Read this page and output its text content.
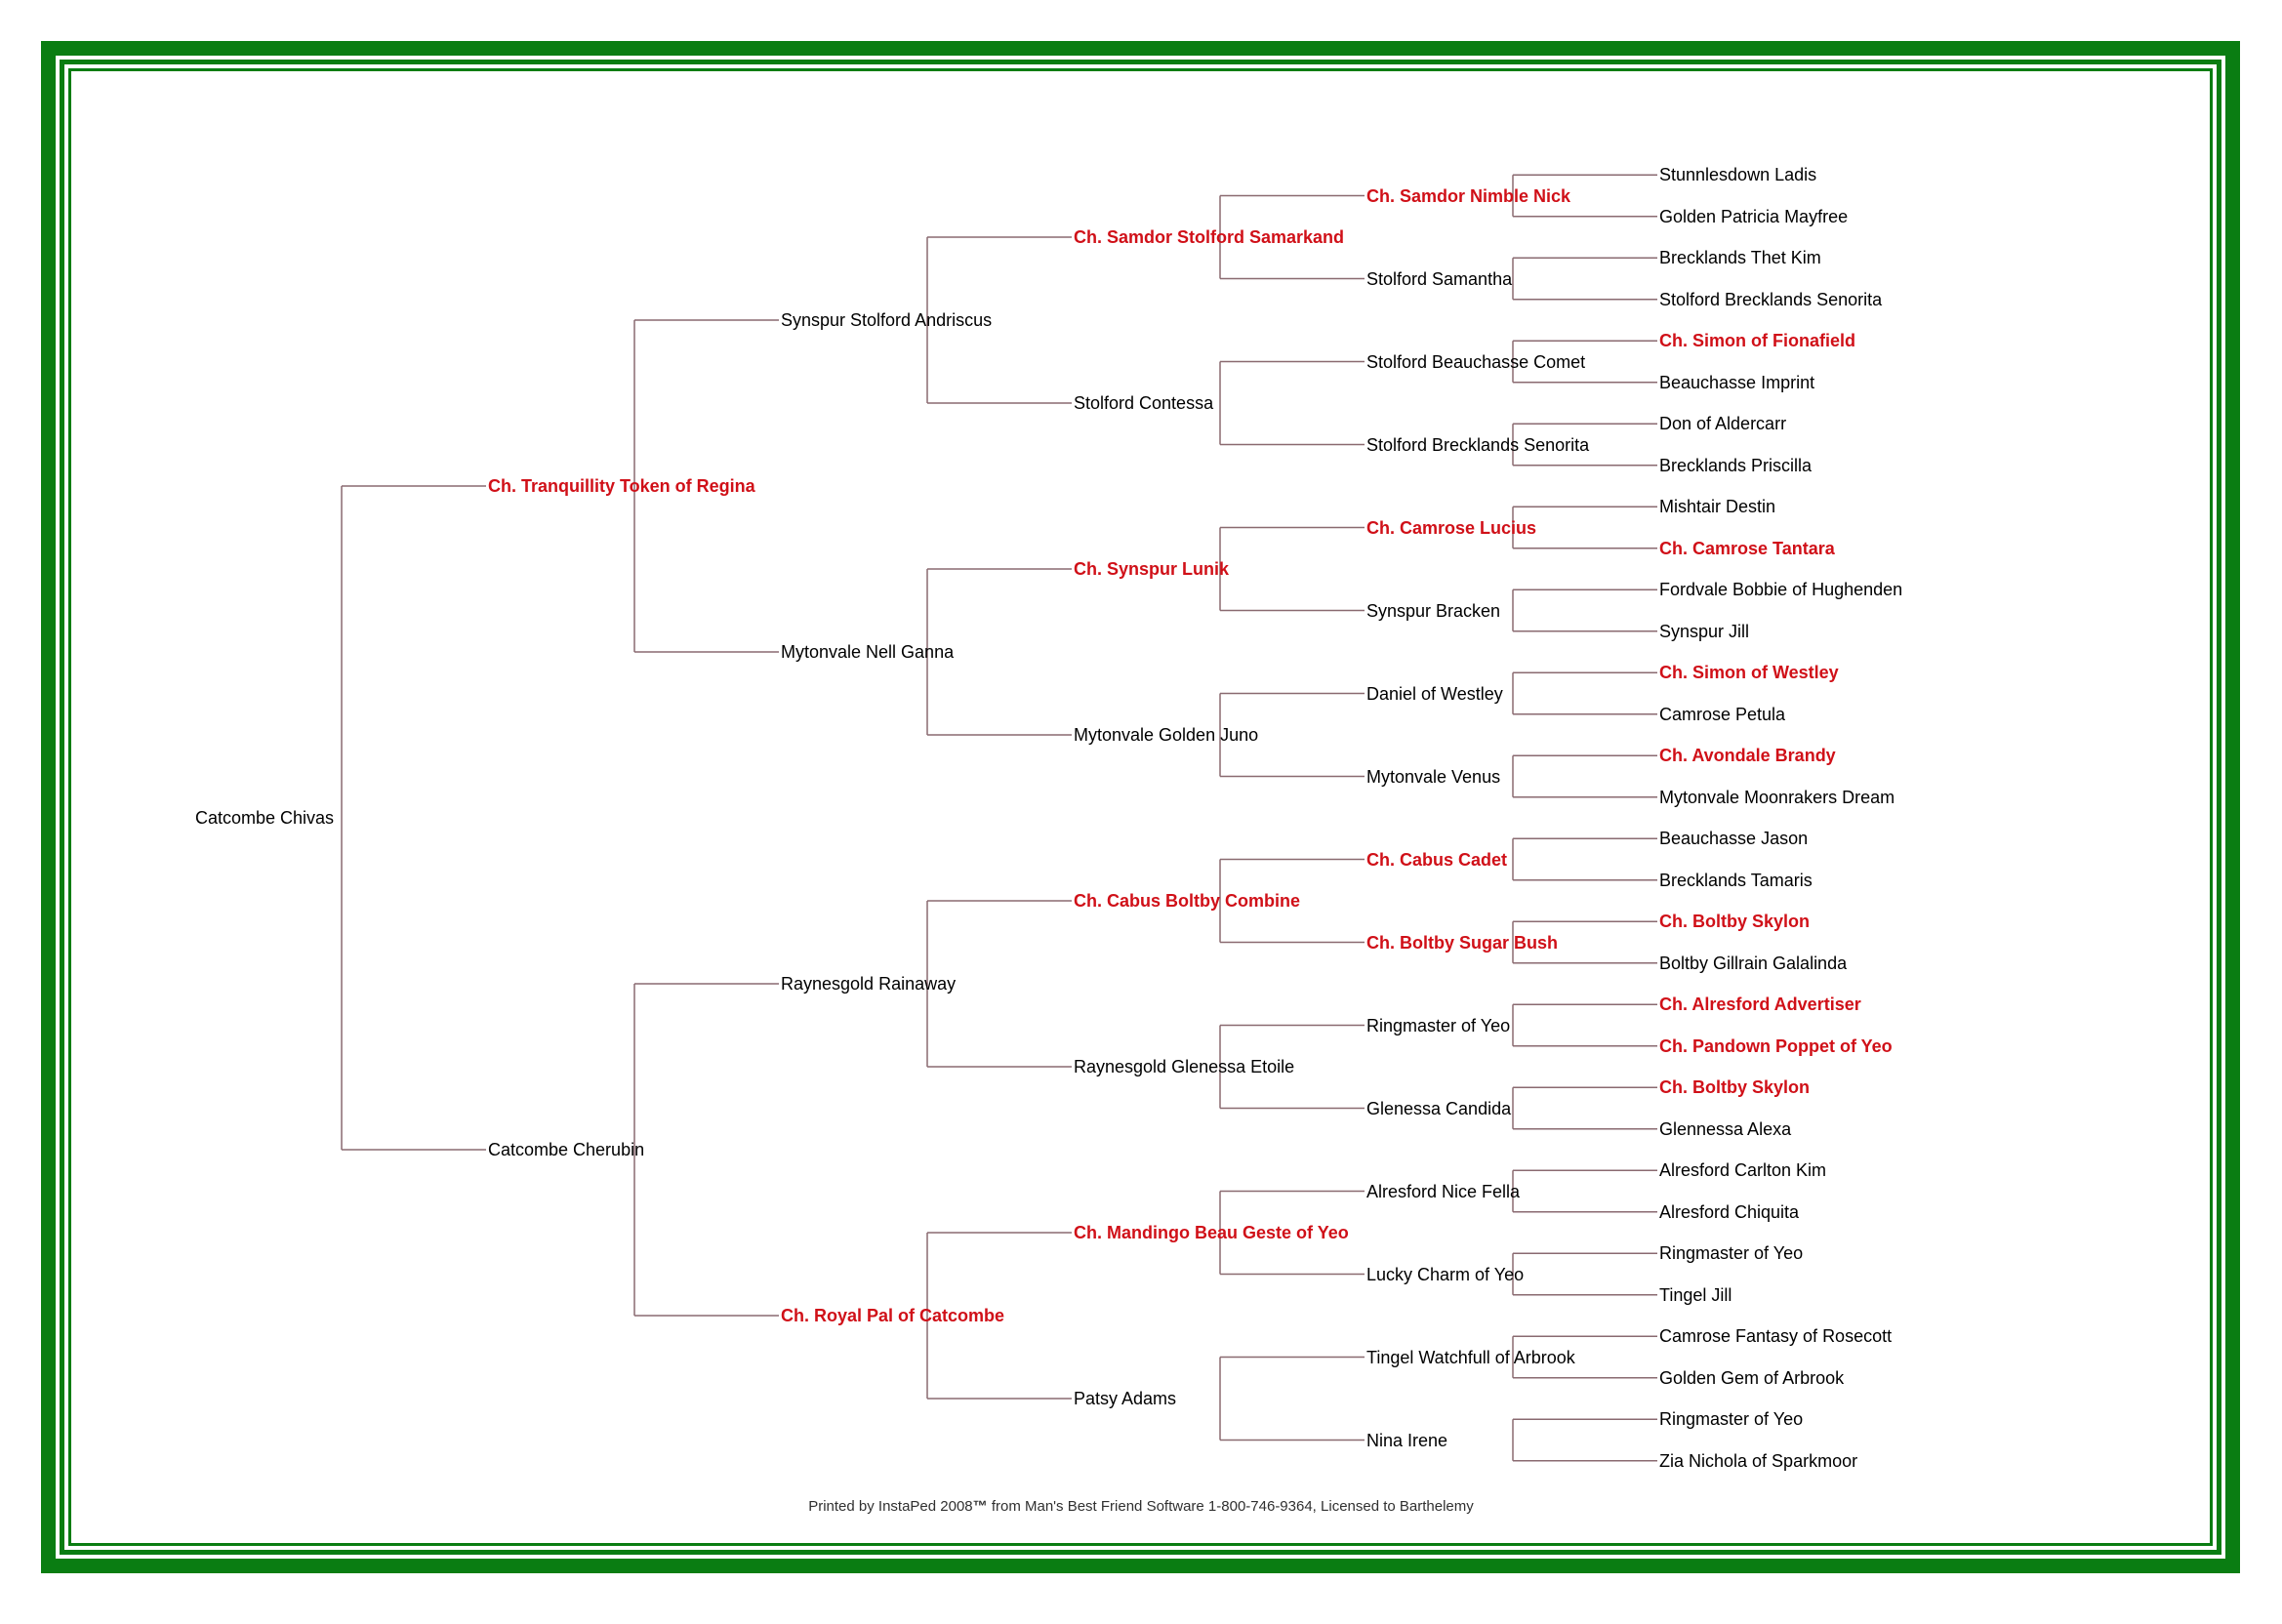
Catcombe Chivas
Ch. Tranquillity Token of Regina
Catcombe Cherubin
Synspur Stolford Andriscus
Mytonvale Nell Ganna
Raynesgold Rainaway
Ch. Royal Pal of Catcombe
Ch. Samdor Stolford Samarkand
Stolford Contessa
Ch. Synspur Lunik
Mytonvale Golden Juno
Ch. Cabus Boltby Combine
Raynesgold Glenessa Etoile
Ch. Mandingo Beau Geste of Yeo
Patsy Adams
Ch. Samdor Nimble Nick
Stolford Samantha
Stolford Beauchasse Comet
Stolford Brecklands Senorita
Ch. Camrose Lucius
Synspur Bracken
Daniel of Westley
Mytonvale Venus
Ch. Cabus Cadet
Ch. Boltby Sugar Bush
Ringmaster of Yeo
Glenessa Candida
Alresford Nice Fella
Lucky Charm of Yeo
Tingel Watchfull of Arbrook
Nina Irene
Stunnlesdown Ladis
Golden Patricia Mayfree
Brecklands Thet Kim
Stolford Brecklands Senorita
Ch. Simon of Fionafield
Beauchasse Imprint
Don of Aldercarr
Brecklands Priscilla
Mishtair Destin
Ch. Camrose Tantara
Fordvale Bobbie of Hughenden
Synspur Jill
Ch. Simon of Westley
Camrose Petula
Ch. Avondale Brandy
Mytonvale Moonrakers Dream
Beauchasse Jason
Brecklands Tamaris
Ch. Boltby Skylon
Boltby Gillrain Galalinda
Ch. Alresford Advertiser
Ch. Pandown Poppet of Yeo
Ch. Boltby Skylon
Glennessa Alexa
Alresford Carlton Kim
Alresford Chiquita
Ringmaster of Yeo
Tingel Jill
Camrose Fantasy of Rosecott
Golden Gem of Arbrook
Ringmaster of Yeo
Zia Nichola of Sparkmoor
Printed by InstaPed 2008™ from Man's Best Friend Software 1-800-746-9364, Licensed to Barthelemy
